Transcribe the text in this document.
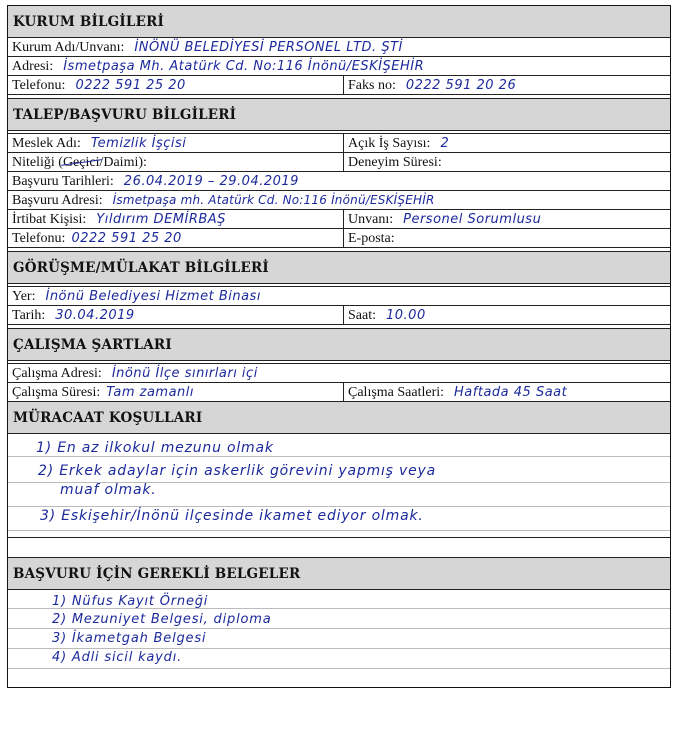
KURUM BİLGİLERİ
Kurum Adı/Unvanı: İNÖNÜ BELEDİYESİ PERSONEL LTD. ŞTİ
Adresi: İsmetpaşa Mh. Atatürk Cd. No:116 İnönü/ESKİŞEHİR
Telefonu: 0222 591 25 20	Faks no: 0222 591 20 26
TALEP/BAŞVURU BİLGİLERİ
Meslek Adı: Temizlik İşçisi	Açık İş Sayısı: 2
Niteliği (Geçici/Daimi):	Deneyim Süresi:
Başvuru Tarihleri: 26.04.2019 – 29.04.2019
Başvuru Adresi: İsmetpaşa mh. Atatürk Cd. No:116 İnönü/ESKİŞEHİR
İrtibat Kişisi: Yıldırım DEMİRBAŞ	Unvanı: Personel Sorumlusu
Telefonu: 0222 591 25 20	E-posta:
GÖRÜŞME/MÜLAKAT BİLGİLERİ
Yer: İnönü Belediyesi Hizmet Binası
Tarih: 30.04.2019	Saat: 10.00
ÇALIŞMA ŞARTLARI
Çalışma Adresi: İnönü İlçe sınırları içi
Çalışma Süresi: Tam zamanlı	Çalışma Saatleri: Haftada 45 Saat
MÜRACAAT KOŞULLARI
1) En az ilkokul mezunu olmak
2) Erkek adaylar için askerlik görevini yapmış veya
muaf olmak.
3) Eskişehir/İnönü ilçesinde ikamet ediyor olmak.
BAŞVURU İÇİN GEREKLİ BELGELER
1) Nüfus Kayıt Örneği
2) Mezuniyet Belgesi, diploma
3) İkametgah Belgesi
4) Adli sicil kaydı.
